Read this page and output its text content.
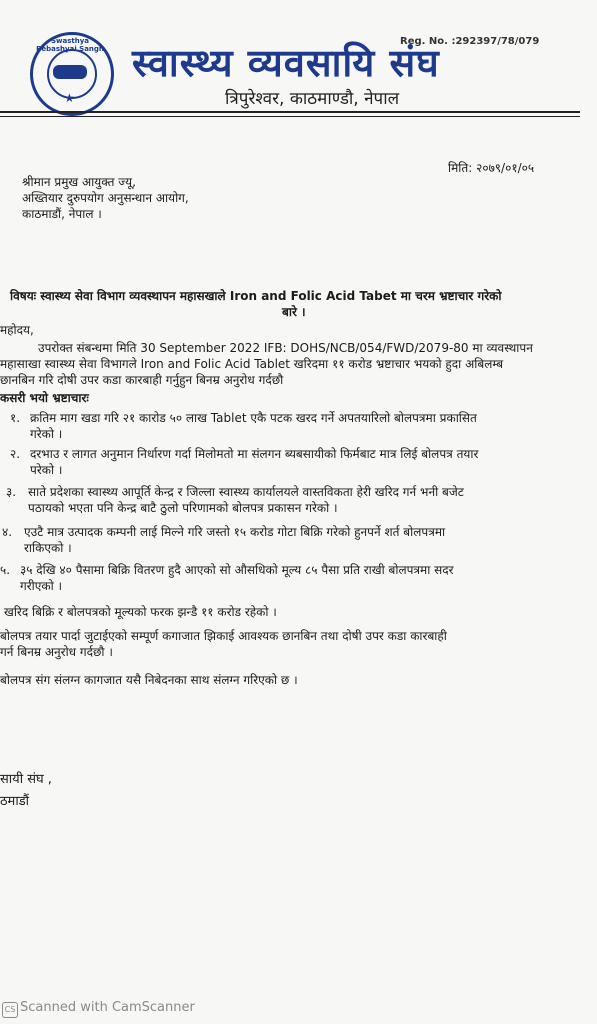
Swasthya Bebashyai Sangh
★
स्वास्थ्य व्यवसायि संघ
Reg. No. :292397/78/079
त्रिपुरेश्वर, काठमाण्डौ, नेपाल
मिति: २०७९/०१/०५
श्रीमान प्रमुख आयुक्त ज्यू,
अख्तियार दुरुपयोग अनुसन्धान आयोग,
काठमाडौं, नेपाल ।
विषयः स्वास्थ्य सेवा विभाग व्यवस्थापन महासखाले Iron and Folic Acid Tabet मा चरम भ्रष्टाचार गरेको
बारे ।
महोदय,
उपरोक्त संबन्धमा मिति 30 September 2022 IFB: DOHS/NCB/054/FWD/2079-80 मा व्यवस्थापन
महासाखा स्वास्थ्य सेवा विभागले Iron and Folic Acid Tablet खरिदमा ११ करोड भ्रष्टाचार भयको हुदा अबिलम्ब
छानबिन गरि दोषी उपर कडा कारबाही गर्नुहुन बिनम्र अनुरोध गर्दछौ
कसरी भयो भ्रष्टाचारः
१. क्रतिम माग खडा गरि २१ कारोड ५० लाख Tablet एकै पटक खरद गर्ने अपतयारिलो बोलपत्रमा प्रकासित
गरेको ।
२. दरभाउ र लागत अनुमान निर्धारण गर्दा मिलोमतो मा संलगन ब्यबसायीको फिर्मबाट मात्र लिई बोलपत्र तयार
परेको ।
३. साते प्रदेशका स्वास्थ्य आपूर्ति केन्द्र र जिल्ला स्वास्थ्य कार्यालयले वास्तविकता हेरी खरिद गर्न भनी बजेट
पठायको भएता पनि केन्द्र बाटै ठुलो परिणामको बोलपत्र प्रकासन गरेको ।
४. एउटै मात्र उत्पादक कम्पनी लाई मिल्ने गरि जस्तो १५ करोड गोटा बिक्रि गरेको हुनपर्ने शर्त बोलपत्रमा
राकिएको ।
५. ३५ देखि ४० पैसामा बिक्रि वितरण हुदै आएको सो औसधिको मूल्य ८५ पैसा प्रति राखी बोलपत्रमा सदर
गरीएको ।
खरिद बिक्रि र बोलपत्रको मूल्यको फरक झन्डै ११ करोड रहेको ।
बोलपत्र तयार पार्दा जुटाईएको सम्पूर्ण कगाजात झिकाई आवश्यक छानबिन तथा दोषी उपर कडा कारबाही
गर्न बिनम्र अनुरोध गर्दछौ ।
बोलपत्र संग संलग्न कागजात यसै निबेदनका साथ संलग्न गरिएको छ ।
सायी संघ ,
ठमाडौं
CS Scanned with CamScanner
